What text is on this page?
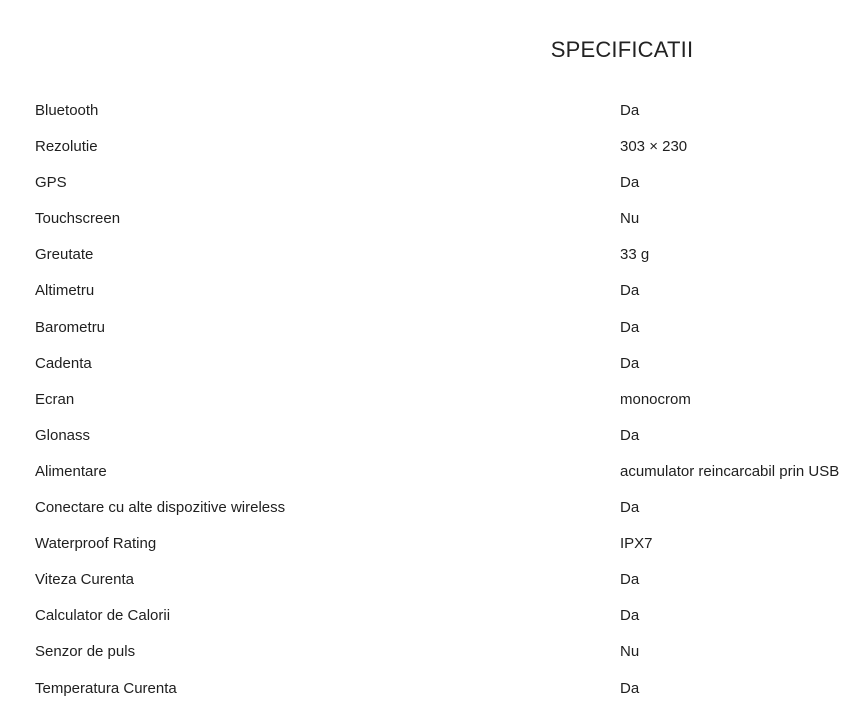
SPECIFICATII
Bluetooth	Da
Rezolutie	303 × 230
GPS	Da
Touchscreen	Nu
Greutate	33 g
Altimetru	Da
Barometru	Da
Cadenta	Da
Ecran	monocrom
Glonass	Da
Alimentare	acumulator reincarcabil prin USB
Conectare cu alte dispozitive wireless	Da
Waterproof Rating	IPX7
Viteza Curenta	Da
Calculator de Calorii	Da
Senzor de puls	Nu
Temperatura Curenta	Da
